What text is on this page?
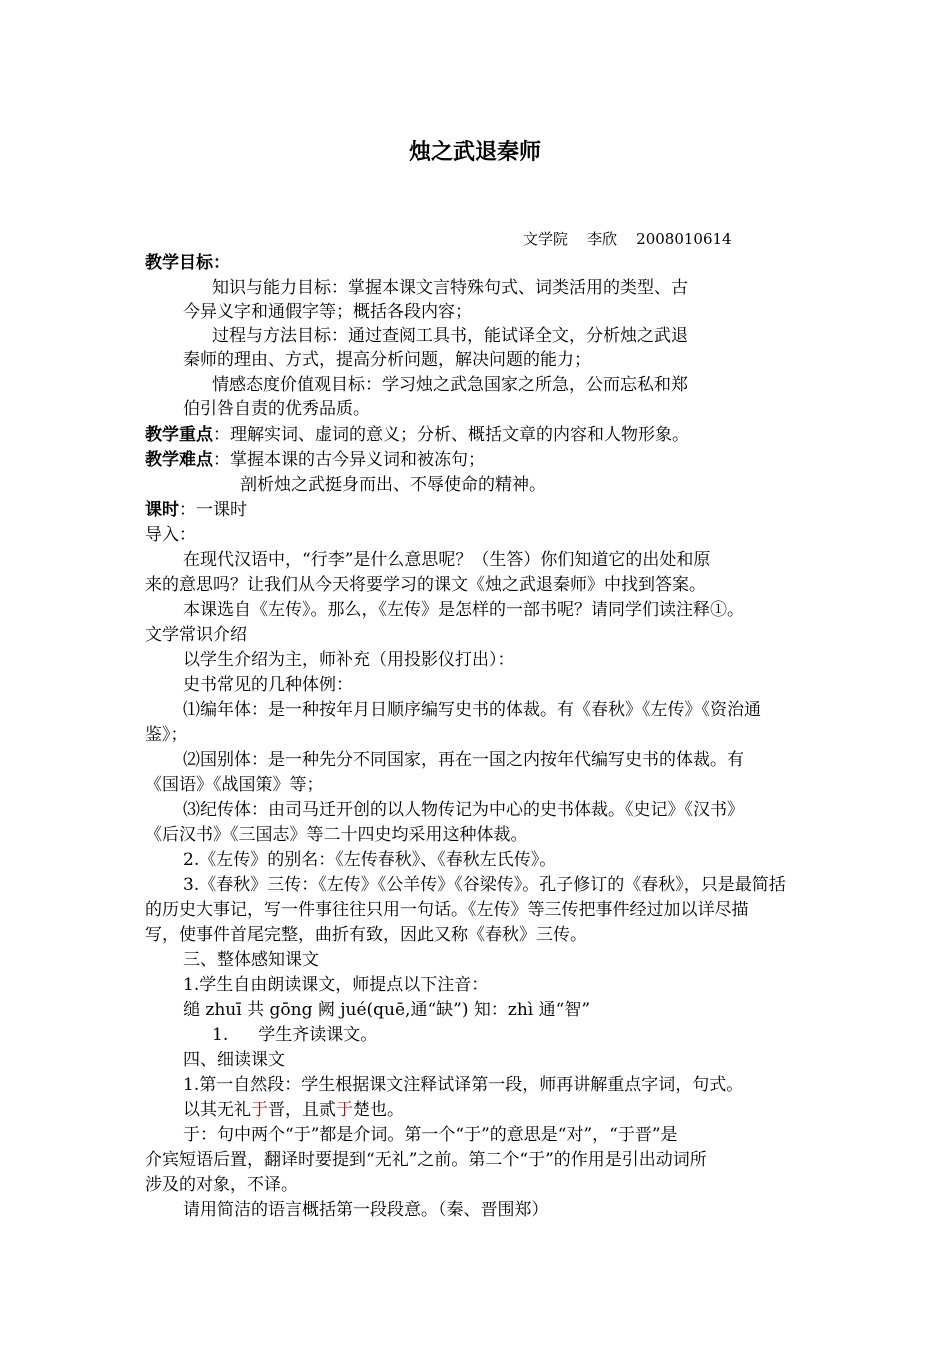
烛之武退秦师
文学院    李欣    2008010614
教学目标：
知识与能力目标：掌握本课文言特殊句式、词类活用的类型、古
今异义字和通假字等；概括各段内容；
过程与方法目标：通过查阅工具书，能试译全文，分析烛之武退
秦师的理由、方式，提高分析问题，解决问题的能力；
情感态度价值观目标：学习烛之武急国家之所急，公而忘私和郑
伯引咎自责的优秀品质。
教学重点：理解实词、虚词的意义；分析、概括文章的内容和人物形象。
教学难点：掌握本课的古今异义词和被冻句；
剖析烛之武挺身而出、不辱使命的精神。
课时：一课时
导入：
在现代汉语中，“行李”是什么意思呢？（生答）你们知道它的出处和原
来的意思吗？让我们从今天将要学习的课文《烛之武退秦师》中找到答案。
本课选自《左传》。那么，《左传》是怎样的一部书呢？请同学们读注释①。
文学常识介绍
以学生介绍为主，师补充（用投影仪打出）：
史书常见的几种体例：
⑴编年体：是一种按年月日顺序编写史书的体裁。有《春秋》《左传》《资治通
鉴》；
⑵国别体：是一种先分不同国家，再在一国之内按年代编写史书的体裁。有
《国语》《战国策》等；
⑶纪传体：由司马迁开创的以人物传记为中心的史书体裁。《史记》《汉书》
《后汉书》《三国志》等二十四史均采用这种体裁。
2.《左传》的别名：《左传春秋》、《春秋左氏传》。
3.《春秋》三传：《左传》《公羊传》《谷梁传》。孔子修订的《春秋》，只是最简括
的历史大事记，写一件事往往只用一句话。《左传》等三传把事件经过加以详尽描
写，使事件首尾完整，曲折有致，因此又称《春秋》三传。
三、整体感知课文
1.学生自由朗读课文，师提点以下注音：
缒 zhuī 共 gōng 阙 jué(quē,通“缺”) 知：zhì 通“智”
1. 学生齐读课文。
四、细读课文
1.第一自然段：学生根据课文注释试译第一段，师再讲解重点字词，句式。
以其无礼于晋，且贰于楚也。
于：句中两个“于”都是介词。第一个“于”的意思是“对”，“于晋”是
介宾短语后置，翻译时要提到“无礼”之前。第二个“于”的作用是引出动词所
涉及的对象，不译。
请用简洁的语言概括第一段段意。（秦、晋围郑）
